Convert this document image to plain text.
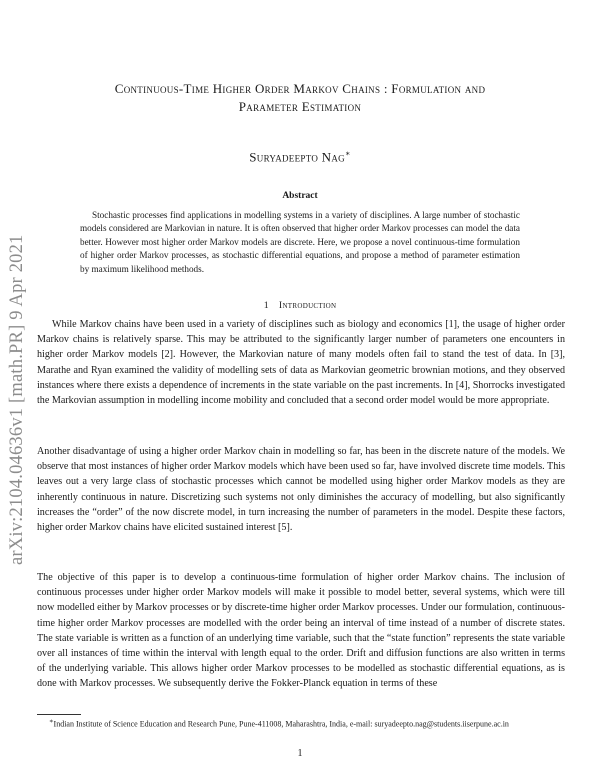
arXiv:2104.04636v1 [math.PR] 9 Apr 2021
Continuous-Time Higher Order Markov Chains : Formulation and
Parameter Estimation
Suryadeepto Nag∗
Abstract

Stochastic processes find applications in modelling systems in a variety of disciplines. A large number of stochastic models considered are Markovian in nature. It is often observed that higher order Markov processes can model the data better. However most higher order Markov models are discrete. Here, we propose a novel continuous-time formulation of higher order Markov processes, as stochastic differential equations, and propose a method of parameter estimation by maximum likelihood methods.

1 Introduction

While Markov chains have been used in a variety of disciplines such as biology and economics [1], the usage of higher order Markov chains is relatively sparse. This may be attributed to the significantly larger number of parameters one encounters in higher order Markov models [2]. However, the Markovian nature of many models often fail to stand the test of data. In [3], Marathe and Ryan examined the validity of modelling sets of data as Markovian geometric brownian motions, and they observed instances where there exists a dependence of increments in the state variable on the past increments. In [4], Shorrocks investigated the Markovian assumption in modelling income mobility and concluded that a second order model would be more appropriate.

Another disadvantage of using a higher order Markov chain in modelling so far, has been in the discrete nature of the models. We observe that most instances of higher order Markov models which have been used so far, have involved discrete time models. This leaves out a very large class of stochastic processes which cannot be modelled using higher order Markov models as they are inherently continuous in nature. Discretizing such systems not only diminishes the accuracy of modelling, but also significantly increases the “order” of the now discrete model, in turn increasing the number of parameters in the model. Despite these factors, higher order Markov chains have elicited sustained interest [5].

The objective of this paper is to develop a continuous-time formulation of higher order Markov chains. The inclusion of continuous processes under higher order Markov models will make it possible to model better, several systems, which were till now modelled either by Markov processes or by discrete-time higher order Markov processes. Under our formulation, continuous-time higher order Markov processes are modelled with the order being an interval of time instead of a number of discrete states. The state variable is written as a function of an underlying time variable, such that the “state function” represents the state variable over all instances of time within the interval with length equal to the order. Drift and diffusion functions are also written in terms of the underlying variable. This allows higher order Markov processes to be modelled as stochastic differential equations, as is done with Markov processes. We subsequently derive the Fokker-Planck equation in terms of these

∗Indian Institute of Science Education and Research Pune, Pune-411008, Maharashtra, India, e-mail: suryadeepto.nag@students.iiserpune.ac.in

1
